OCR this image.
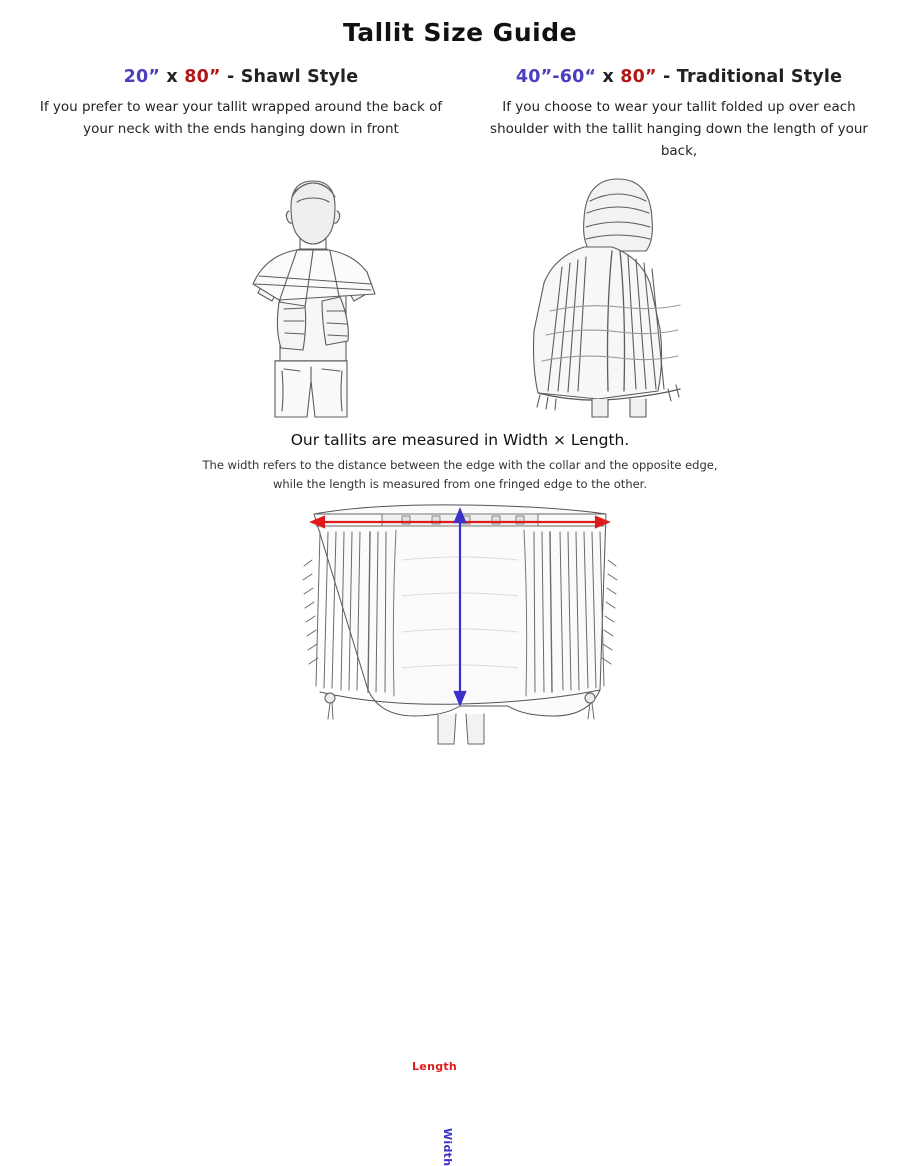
Tallit Size Guide
20” x 80” - Shawl Style
If you prefer to wear your tallit wrapped around the back of your neck with the ends hanging down in front
40”-60“ x 80” - Traditional Style
If you choose to wear your tallit folded up over each shoulder with the tallit hanging down the length of your back,
Our tallits are measured in Width × Length.
The width refers to the distance between the edge with the collar and the opposite edge,
while the length is measured from one fringed edge to the other.
Length
Width
